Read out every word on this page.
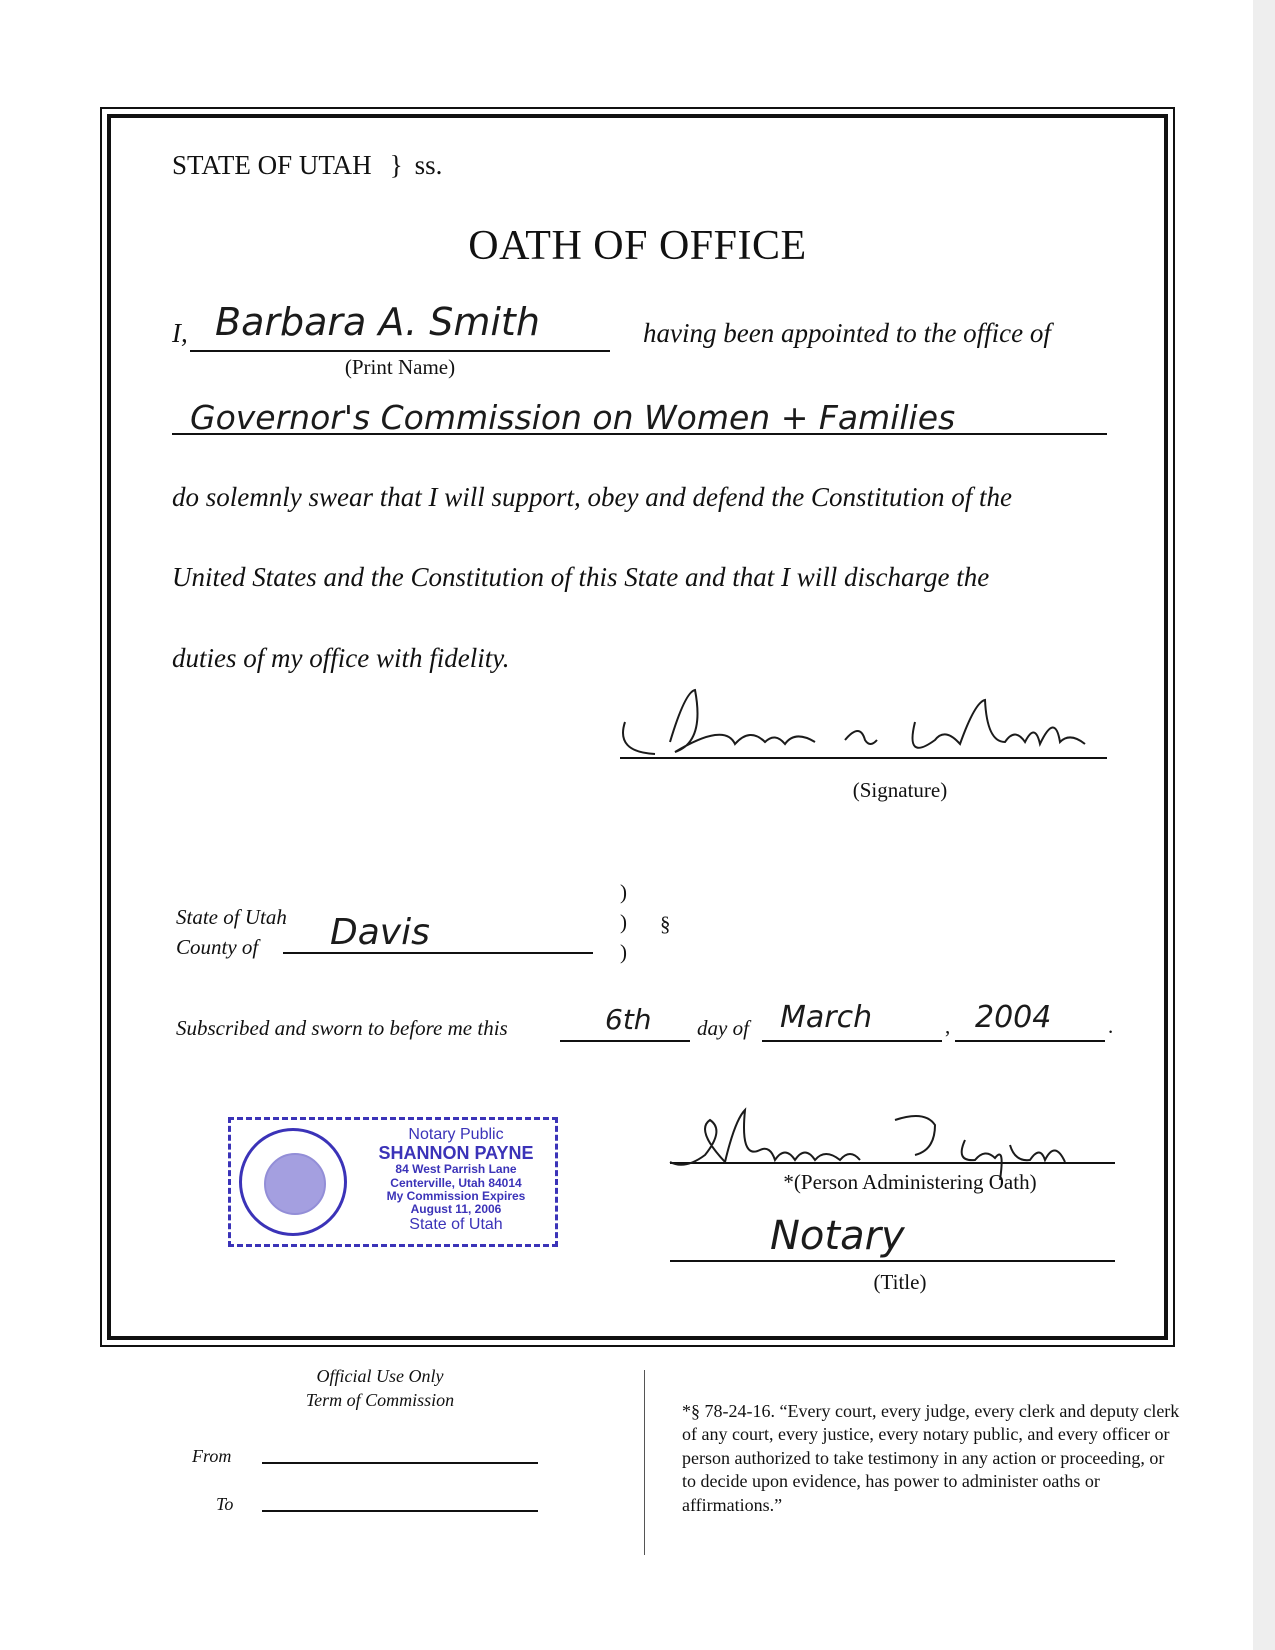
STATE OF UTAH } ss.
OATH OF OFFICE
I, Barbara A. Smith	having been appointed to the office of
(Print Name)
Governor's Commission on Women + Families
do solemnly swear that I will support, obey and defend the Constitution of the
United States and the Constitution of this State and that I will discharge the
duties of my office with fidelity.
(Signature)
State of Utah
County of Davis
)
)
)
§
Subscribed and sworn to before me this	6th day of March	, 2004	.
Notary Public
SHANNON PAYNE
84 West Parrish Lane
Centerville, Utah 84014
My Commission Expires
August 11, 2006
State of Utah
*(Person Administering Oath)
Notary
(Title)
Official Use Only
Term of Commission
From
To
*§ 78-24-16. “Every court, every judge, every clerk and deputy clerk of any court, every justice, every notary public, and every officer or person authorized to take testimony in any action or proceeding, or to decide upon evidence, has power to administer oaths or affirmations.”
